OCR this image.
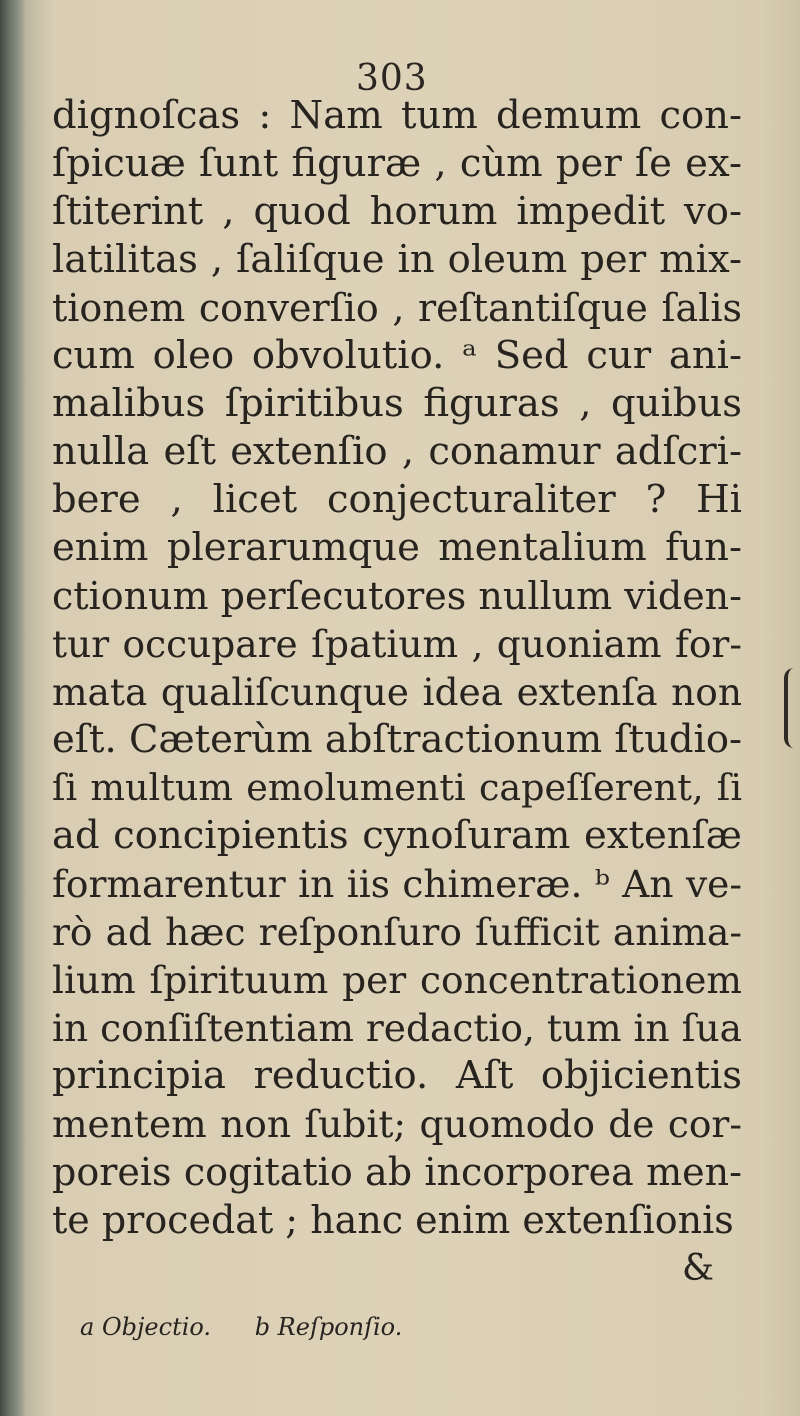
303
dignoſcas : Nam tum demum con-
ſpicuæ ſunt figuræ , cùm per ſe ex-
ſtiterint , quod horum impedit vo-
latilitas , ſaliſque in oleum per mix-
tionem converſio , reſtantiſque ſalis
cum oleo obvolutio. ᵃ Sed cur ani-
malibus ſpiritibus figuras , quibus
nulla eſt extenſio , conamur adſcri-
bere , licet conjecturaliter ? Hi
enim plerarumque mentalium fun-
ctionum perſecutores nullum viden-
tur occupare ſpatium , quoniam for-
mata qualiſcunque idea extenſa non
eſt. Cæterùm abſtractionum ſtudio-
ſi multum emolumenti capeſſerent, ſi
ad concipientis cynoſuram extenſæ
formarentur in iis chimeræ. ᵇ An ve-
rò ad hæc reſponſuro ſufficit anima-
lium ſpirituum per concentrationem
in conſiſtentiam redactio, tum in ſua
principia reductio. Aſt objicientis
mentem non ſubit; quomodo de cor-
poreis cogitatio ab incorporea men-
te procedat ; hanc enim extenſionis
&
a Objectio. b Reſponſio.
